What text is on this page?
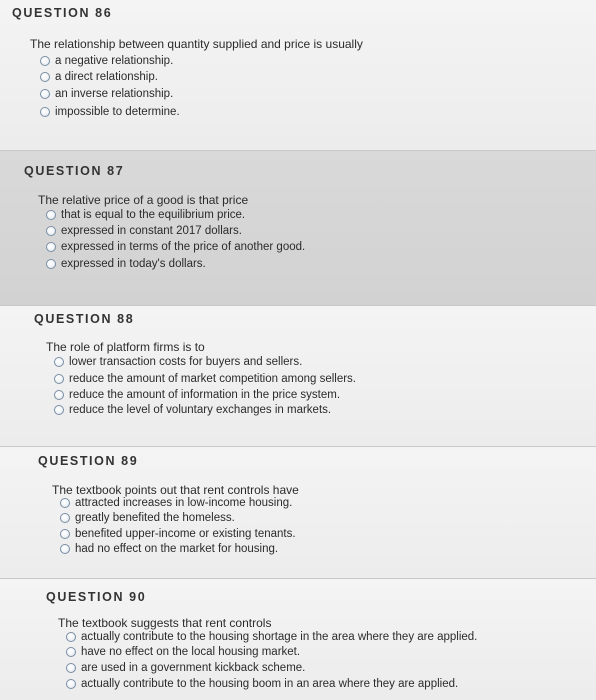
QUESTION 86
The relationship between quantity supplied and price is usually
a negative relationship.
a direct relationship.
an inverse relationship.
impossible to determine.
QUESTION 87
The relative price of a good is that price
that is equal to the equilibrium price.
expressed in constant 2017 dollars.
expressed in terms of the price of another good.
expressed in today's dollars.
QUESTION 88
The role of platform firms is to
lower transaction costs for buyers and sellers.
reduce the amount of market competition among sellers.
reduce the amount of information in the price system.
reduce the level of voluntary exchanges in markets.
QUESTION 89
The textbook points out that rent controls have
attracted increases in low-income housing.
greatly benefited the homeless.
benefited upper-income or existing tenants.
had no effect on the market for housing.
QUESTION 90
The textbook suggests that rent controls
actually contribute to the housing shortage in the area where they are applied.
have no effect on the local housing market.
are used in a government kickback scheme.
actually contribute to the housing boom in an area where they are applied.
